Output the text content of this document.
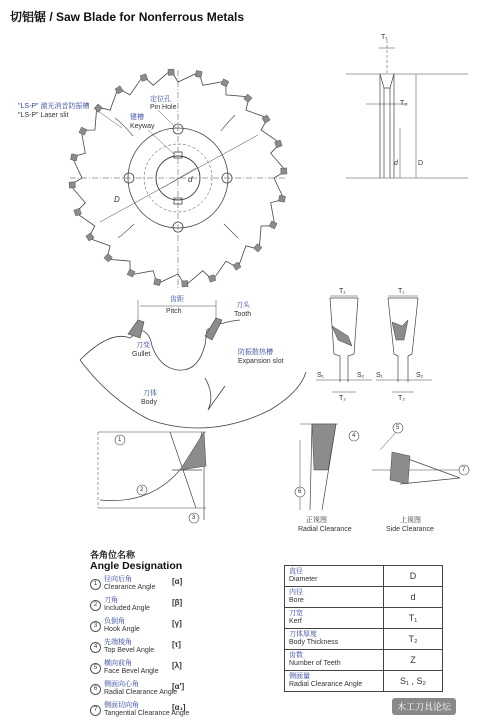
切铝锯 / Saw Blade for Nonferrous Metals
"LS-P" 激光消音防振槽
"LS-P" Laser slit
定位孔
Pin Hole
键槽
Keyway
d
D
T₁
T₂
d	D
齿距
Pitch
刀头
Tooth
刀变
Gullet	防振散热槽
Expansion slot
刀体
Body
T₁
S₁	S₂
T₂
T₁
S₁	S₂
T₂
1
2
3
4
5
6
7
正视图
Radial Clearance
上视图
Side Clearance
各角位名称
Angle Designation
1
径向后角
Clearance Angle
[α]
2
刀角
Included Angle
[β]
3
负倒角
Hook Angle
[γ]
4
先端棱角
Top Bevel Angle
[τ]
5
横向前角
Face Bevel Angle
[λ]
6
侧面向心角
Radial Clearance Angle
[α′]
7
侧面切向角
Tangential Clearance Angle
[α₁]
直径
Diameter	D

内径
Bore	d

刀宽
Kerf	T₁

刀体厚度
Body Thickness	T₂

齿数
Number of Teeth	Z

侧面量
Radial Clearance Angle	S₁ , S₂
木工刀具论坛
